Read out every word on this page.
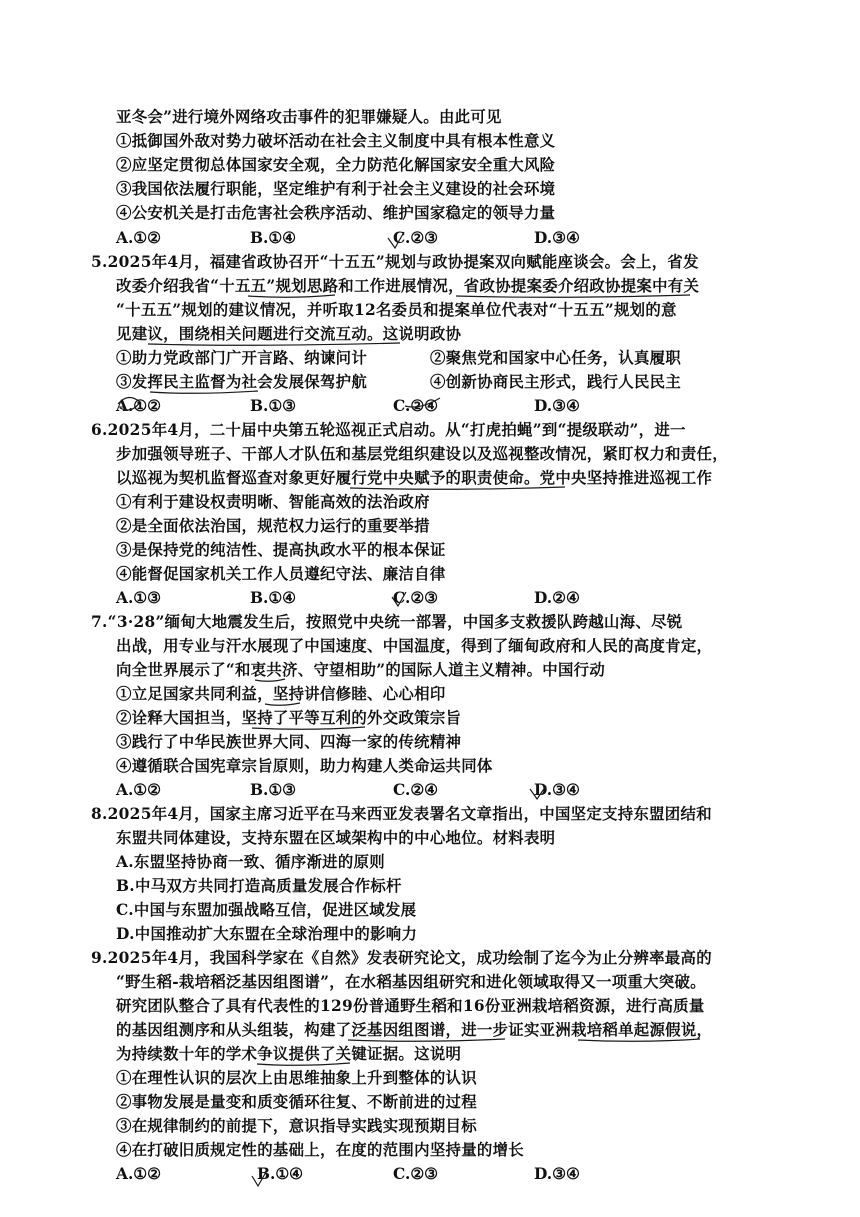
亚冬会”进行境外网络攻击事件的犯罪嫌疑人。由此可见
①抵御国外敌对势力破坏活动在社会主义制度中具有根本性意义
②应坚定贯彻总体国家安全观，全力防范化解国家安全重大风险
③我国依法履行职能，坚定维护有利于社会主义建设的社会环境
④公安机关是打击危害社会秩序活动、维护国家稳定的领导力量
A.①②	B.①④	C.②③	D.③④
5.2025年4月，福建省政协召开“十五五”规划与政协提案双向赋能座谈会。会上，省发
改委介绍我省“十五五”规划思路和工作进展情况，省政协提案委介绍政协提案中有关
“十五五”规划的建议情况，并听取12名委员和提案单位代表对“十五五”规划的意
见建议，围绕相关问题进行交流互动。这说明政协
①助力党政部门广开言路、纳谏问计	②聚焦党和国家中心任务，认真履职
③发挥民主监督为社会发展保驾护航	④创新协商民主形式，践行人民民主
A.①②	B.①③	C.②④	D.③④
6.2025年4月，二十届中央第五轮巡视正式启动。从“打虎拍蝇”到“提级联动”，进一
步加强领导班子、干部人才队伍和基层党组织建设以及巡视整改情况，紧盯权力和责任，
以巡视为契机监督巡查对象更好履行党中央赋予的职责使命。党中央坚持推进巡视工作
①有利于建设权责明晰、智能高效的法治政府
②是全面依法治国，规范权力运行的重要举措
③是保持党的纯洁性、提高执政水平的根本保证
④能督促国家机关工作人员遵纪守法、廉洁自律
A.①③	B.①④	C.②③	D.②④
7.“3·28”缅甸大地震发生后，按照党中央统一部署，中国多支救援队跨越山海、尽锐
出战，用专业与汗水展现了中国速度、中国温度，得到了缅甸政府和人民的高度肯定，
向全世界展示了“和衷共济、守望相助”的国际人道主义精神。中国行动
①立足国家共同利益，坚持讲信修睦、心心相印
②诠释大国担当，坚持了平等互利的外交政策宗旨
③践行了中华民族世界大同、四海一家的传统精神
④遵循联合国宪章宗旨原则，助力构建人类命运共同体
A.①②	B.①③	C.②④	D.③④
8.2025年4月，国家主席习近平在马来西亚发表署名文章指出，中国坚定支持东盟团结和
东盟共同体建设，支持东盟在区域架构中的中心地位。材料表明
A.东盟坚持协商一致、循序渐进的原则
B.中马双方共同打造高质量发展合作标杆
C.中国与东盟加强战略互信，促进区域发展
D.中国推动扩大东盟在全球治理中的影响力
9.2025年4月，我国科学家在《自然》发表研究论文，成功绘制了迄今为止分辨率最高的
“野生稻-栽培稻泛基因组图谱”，在水稻基因组研究和进化领域取得又一项重大突破。
研究团队整合了具有代表性的129份普通野生稻和16份亚洲栽培稻资源，进行高质量
的基因组测序和从头组装，构建了泛基因组图谱，进一步证实亚洲栽培稻单起源假说，
为持续数十年的学术争议提供了关键证据。这说明
①在理性认识的层次上由思维抽象上升到整体的认识
②事物发展是量变和质变循环往复、不断前进的过程
③在规律制约的前提下，意识指导实践实现预期目标
④在打破旧质规定性的基础上，在度的范围内坚持量的增长
A.①②	B.①④	C.②③	D.③④
